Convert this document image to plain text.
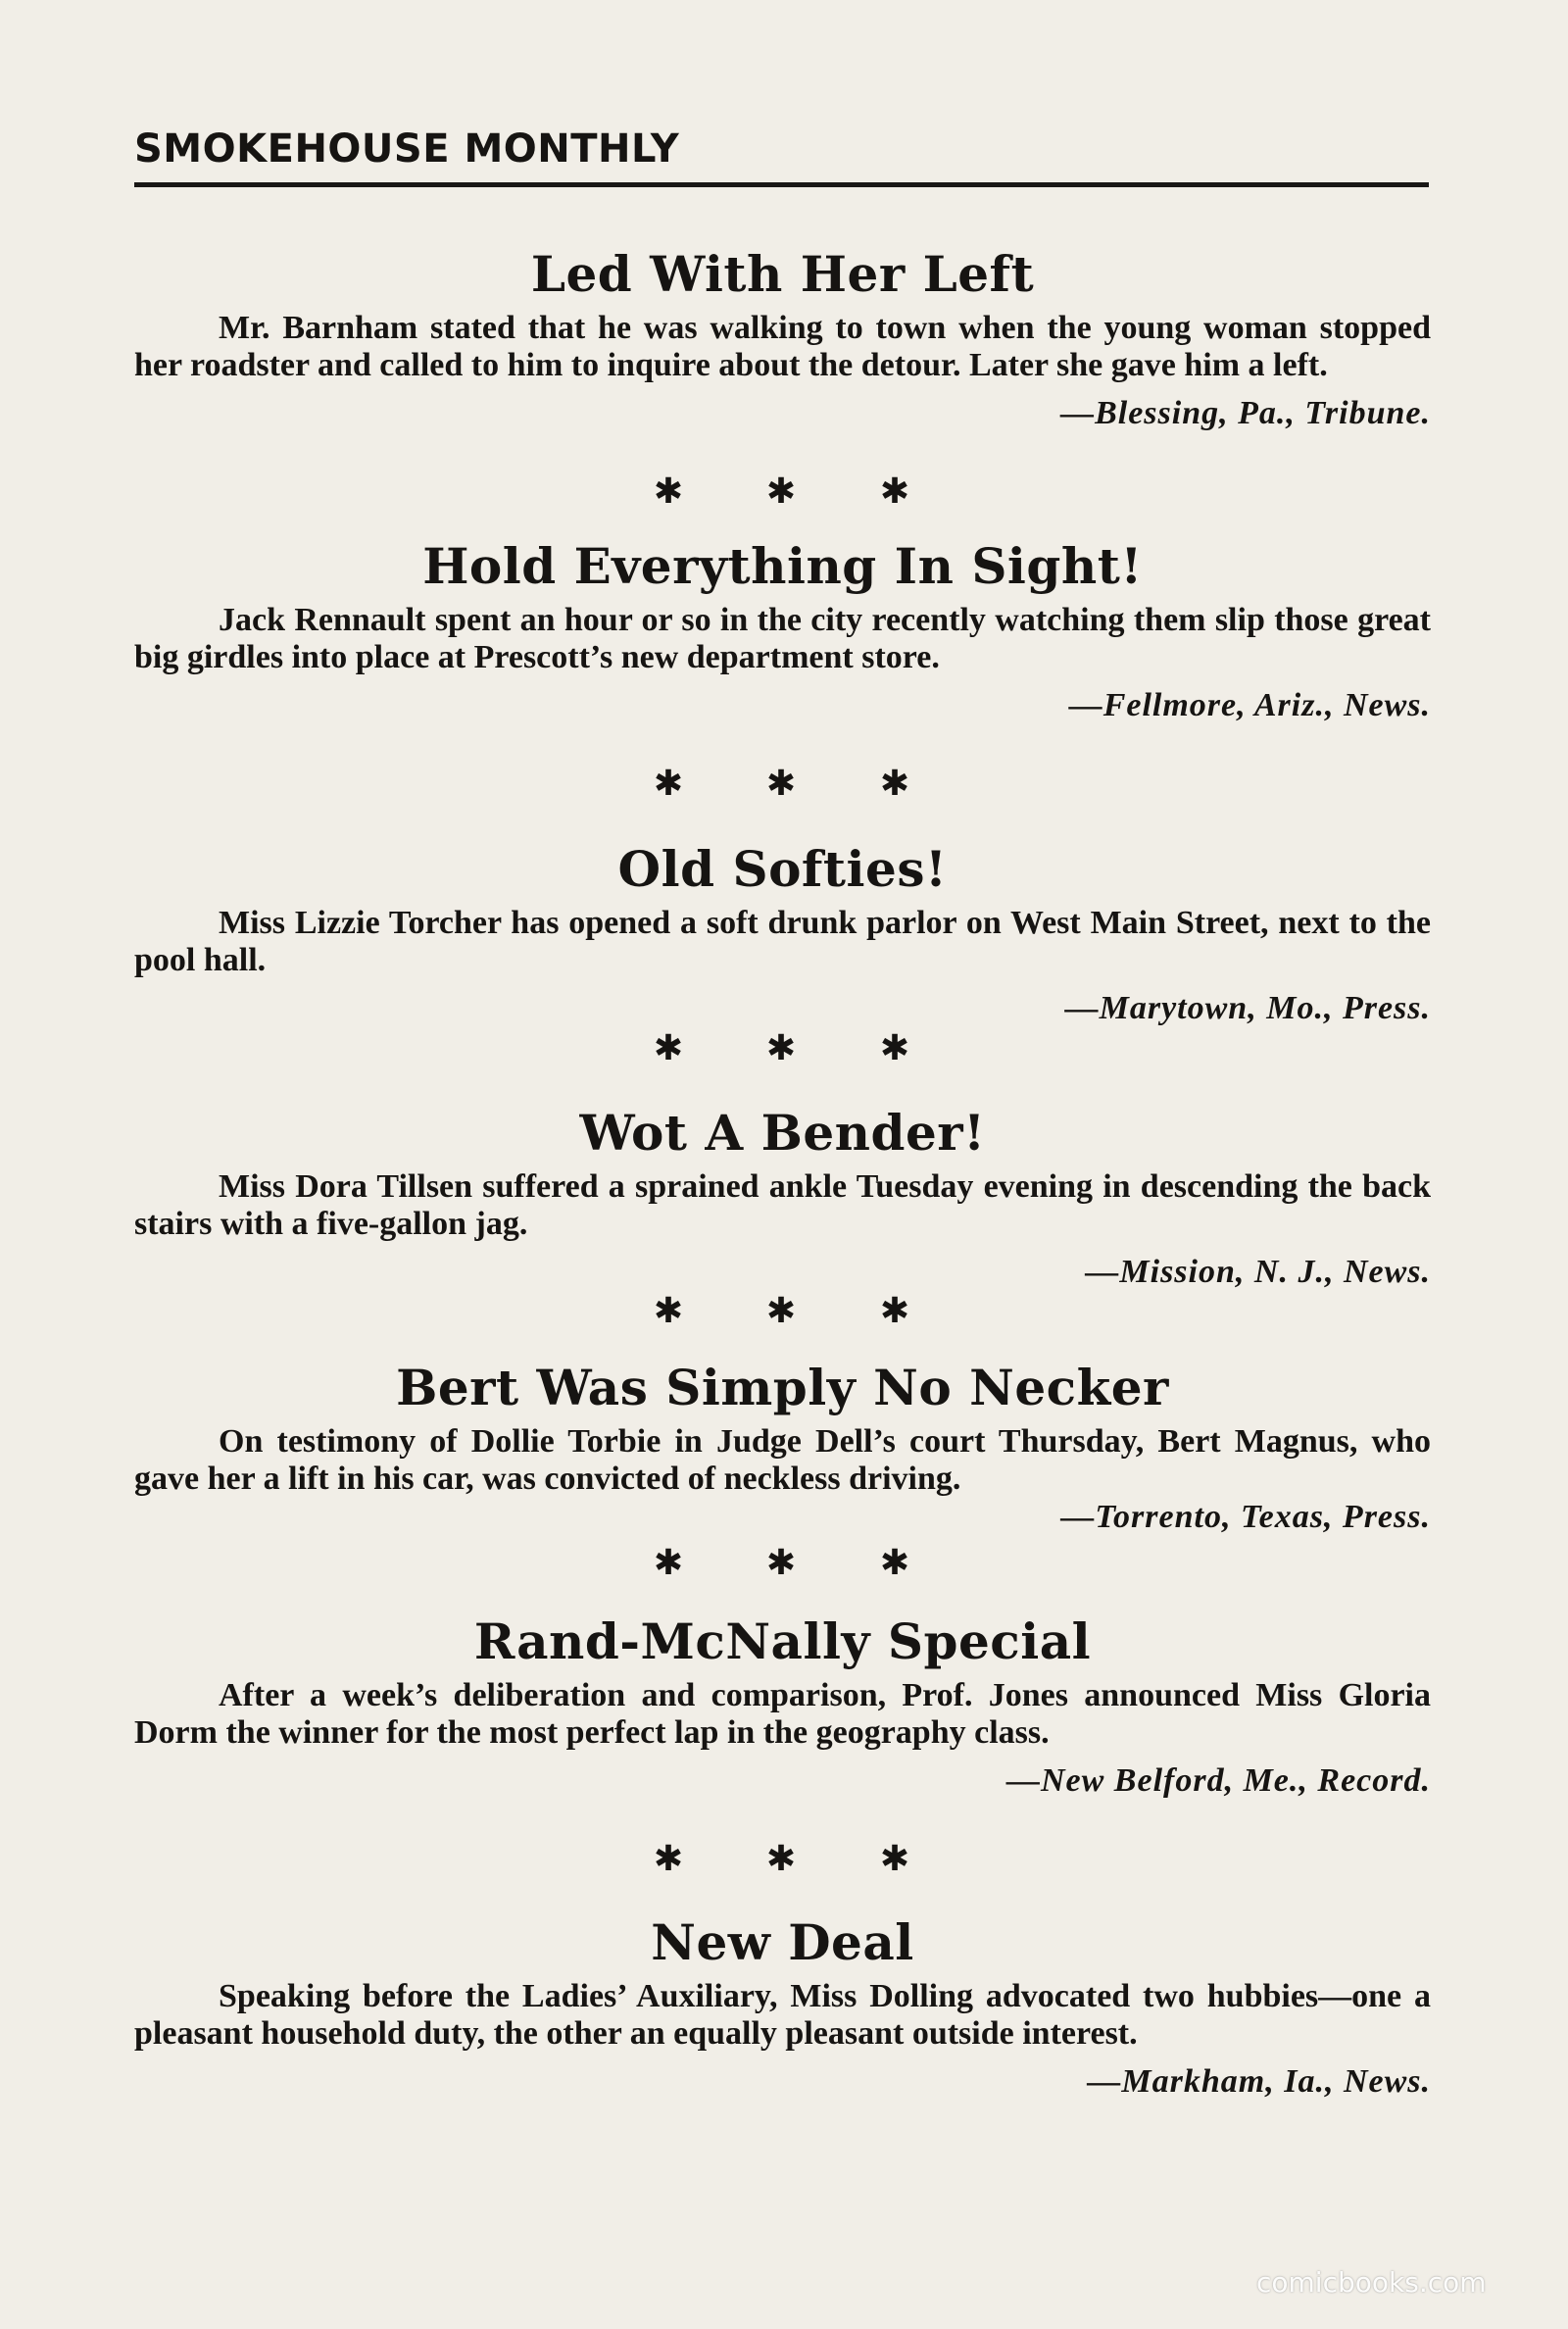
SMOKEHOUSE MONTHLY
Led With Her Left

Mr. Barnham stated that he was walking to town when the young woman stopped her roadster and called to him to inquire about the detour. Later she gave him a left.

—Blessing, Pa., Tribune.

✱ ✱ ✱
Hold Everything In Sight!

Jack Rennault spent an hour or so in the city recently watching them slip those great big girdles into place at Prescott’s new department store.

—Fellmore, Ariz., News.

✱ ✱ ✱
Old Softies!

Miss Lizzie Torcher has opened a soft drunk parlor on West Main Street, next to the pool hall.

—Marytown, Mo., Press.

✱ ✱ ✱
Wot A Bender!

Miss Dora Tillsen suffered a sprained ankle Tuesday evening in descending the back stairs with a five-gallon jag.

—Mission, N. J., News.

✱ ✱ ✱
Bert Was Simply No Necker

On testimony of Dollie Torbie in Judge Dell’s court Thursday, Bert Magnus, who gave her a lift in his car, was convicted of neckless driving.

—Torrento, Texas, Press.

✱ ✱ ✱
Rand-McNally Special

After a week’s deliberation and comparison, Prof. Jones announced Miss Gloria Dorm the winner for the most perfect lap in the geography class.

—New Belford, Me., Record.

✱ ✱ ✱
New Deal

Speaking before the Ladies’ Auxiliary, Miss Dolling advocated two hubbies—one a pleasant household duty, the other an equally pleasant outside interest.

—Markham, Ia., News.

comicbooks.com
